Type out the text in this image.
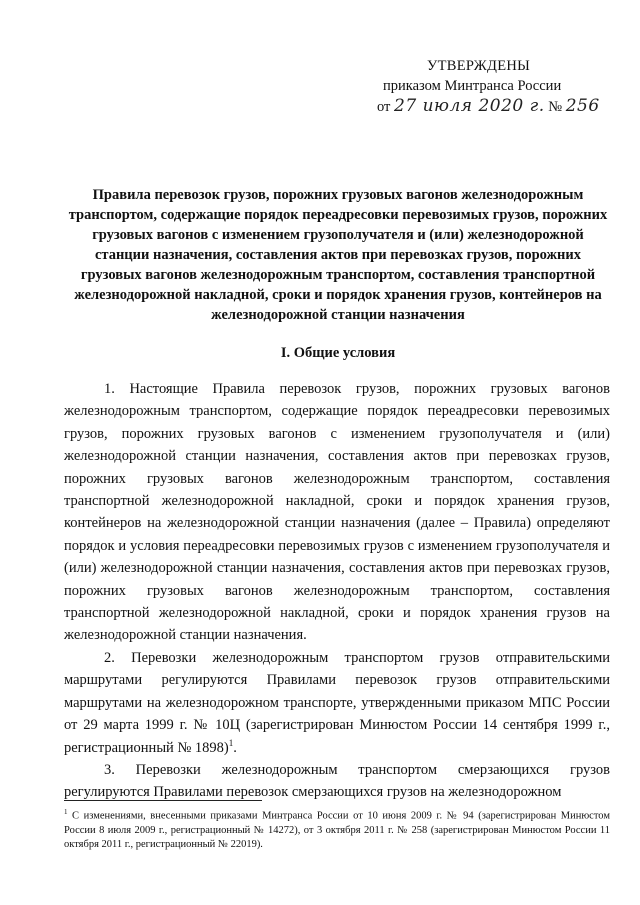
УТВЕРЖДЕНЫ
приказом Минтранса России
от 27 июля 2020 г. № 256
Правила перевозок грузов, порожних грузовых вагонов железнодорожным транспортом, содержащие порядок переадресовки перевозимых грузов, порожних грузовых вагонов с изменением грузополучателя и (или) железнодорожной станции назначения, составления актов при перевозках грузов, порожних грузовых вагонов железнодорожным транспортом, составления транспортной железнодорожной накладной, сроки и порядок хранения грузов, контейнеров на железнодорожной станции назначения
I. Общие условия

1. Настоящие Правила перевозок грузов, порожних грузовых вагонов железнодорожным транспортом, содержащие порядок переадресовки перевозимых грузов, порожних грузовых вагонов с изменением грузополучателя и (или) железнодорожной станции назначения, составления актов при перевозках грузов, порожних грузовых вагонов железнодорожным транспортом, составления транспортной железнодорожной накладной, сроки и порядок хранения грузов, контейнеров на железнодорожной станции назначения (далее – Правила) определяют порядок и условия переадресовки перевозимых грузов с изменением грузополучателя и (или) железнодорожной станции назначения, составления актов при перевозках грузов, порожних грузовых вагонов железнодорожным транспортом, составления транспортной железнодорожной накладной, сроки и порядок хранения грузов на железнодорожной станции назначения.

2. Перевозки железнодорожным транспортом грузов отправительскими маршрутами регулируются Правилами перевозок грузов отправительскими маршрутами на железнодорожном транспорте, утвержденными приказом МПС России от 29 марта 1999 г. № 10Ц (зарегистрирован Минюстом России 14 сентября 1999 г., регистрационный № 1898)$^1$.

3. Перевозки железнодорожным транспортом смерзающихся грузов регулируются Правилами перевозок смерзающихся грузов на железнодорожном

$^1$ С изменениями, внесенными приказами Минтранса России от 10 июня 2009 г. № 94 (зарегистрирован Минюстом России 8 июля 2009 г., регистрационный № 14272), от 3 октября 2011 г. № 258 (зарегистрирован Минюстом России 11 октября 2011 г., регистрационный № 22019).
